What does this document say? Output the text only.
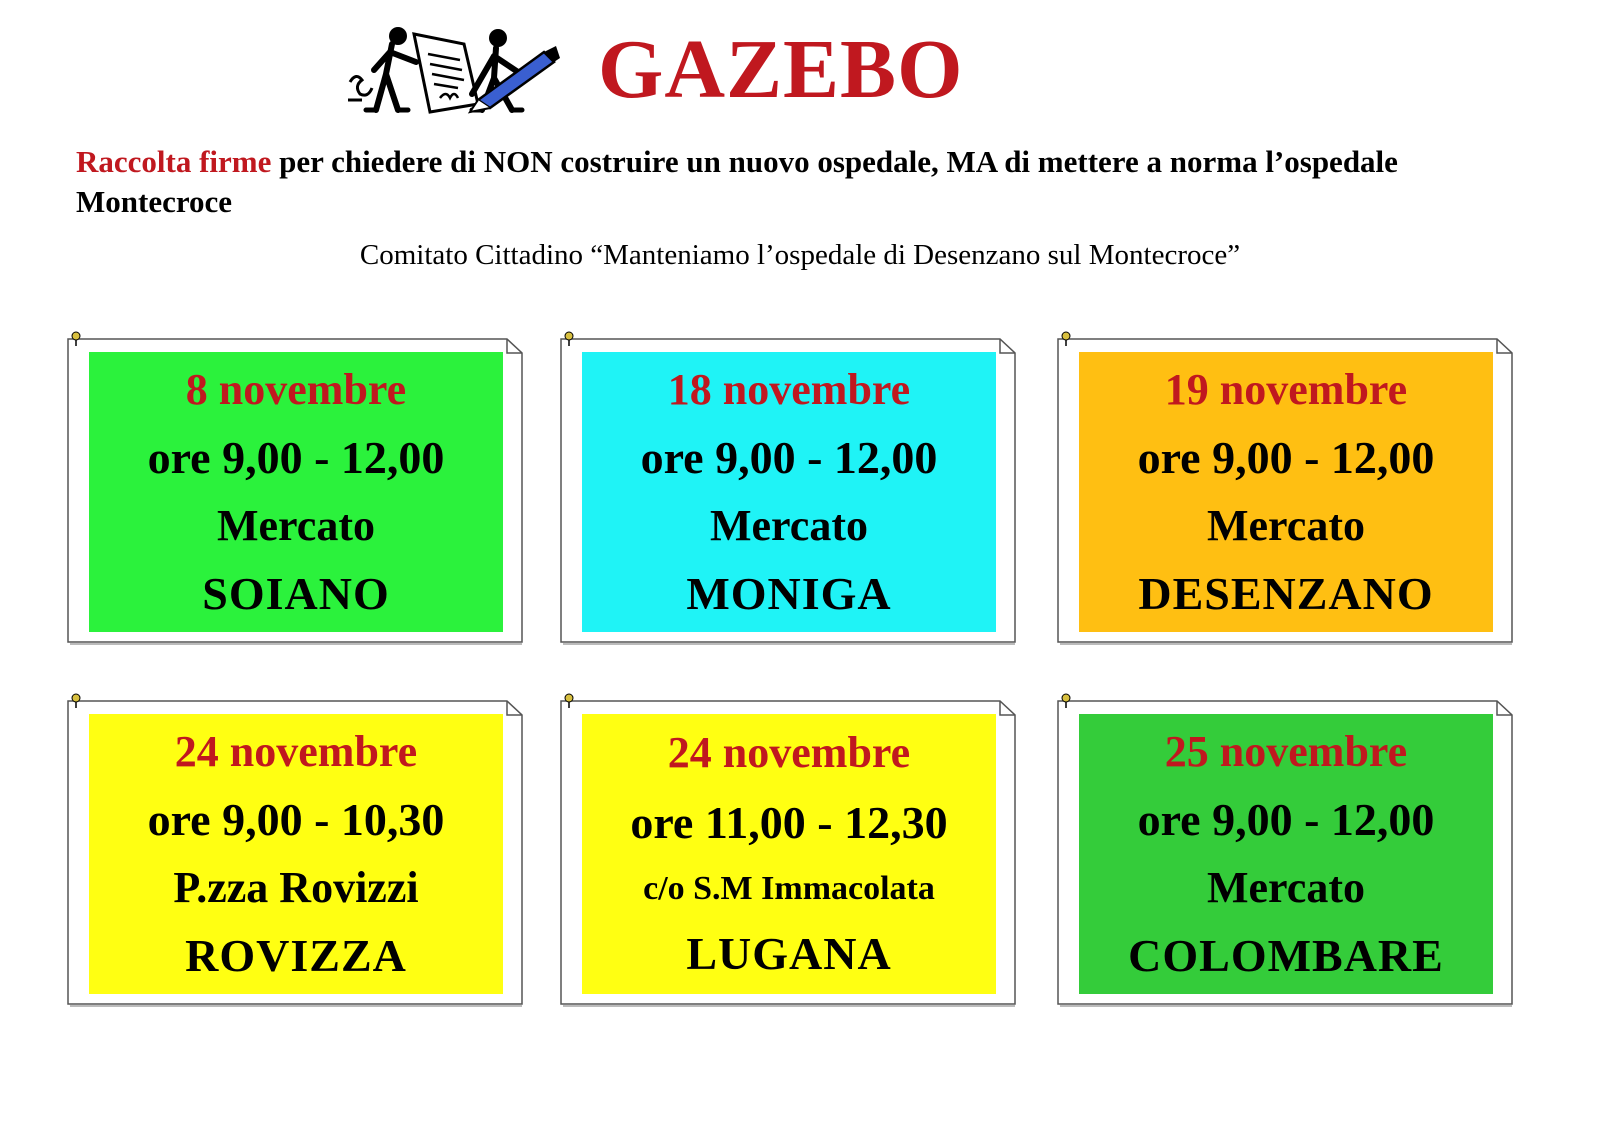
GAZEBO
Raccolta firme per chiedere di NON costruire un nuovo ospedale, MA di mettere a norma l’ospedale Montecroce
Comitato Cittadino “Manteniamo l’ospedale di Desenzano sul Montecroce”
8 novembre
ore 9,00 - 12,00
Mercato
SOIANO
18 novembre
ore 9,00 - 12,00
Mercato
MONIGA
19 novembre
ore 9,00 - 12,00
Mercato
DESENZANO
24 novembre
ore 9,00 - 10,30
P.zza Rovizzi
ROVIZZA
24 novembre
ore 11,00 - 12,30
c/o S.M Immacolata
LUGANA
25 novembre
ore 9,00 - 12,00
Mercato
COLOMBARE
